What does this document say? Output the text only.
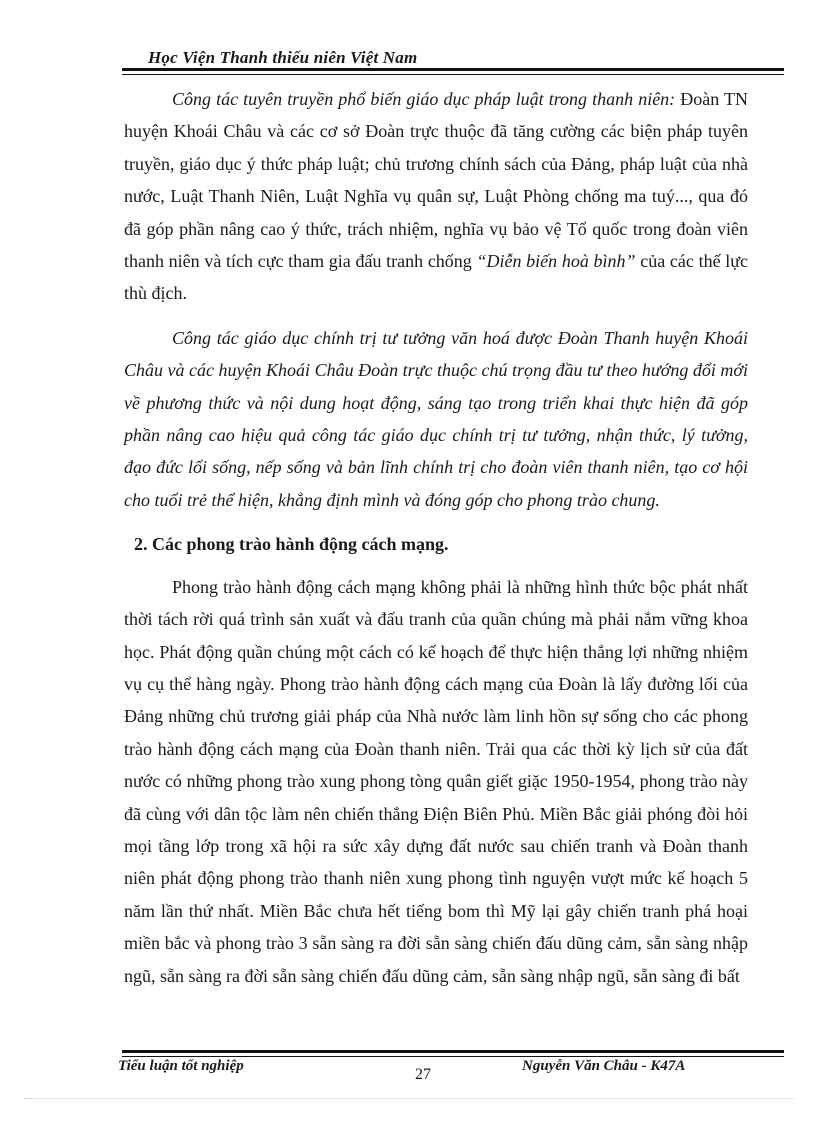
Học Viện Thanh thiếu niên Việt Nam

Công tác tuyên truyền phổ biến giáo dục pháp luật trong thanh niên: Đoàn TN huyện Khoái Châu và các cơ sở Đoàn trực thuộc đã tăng cường các biện pháp tuyên truyền, giáo dục ý thức pháp luật; chủ trương chính sách của Đảng, pháp luật của nhà nước, Luật Thanh Niên, Luật Nghĩa vụ quân sự, Luật Phòng chống ma tuý..., qua đó đã góp phần nâng cao ý thức, trách nhiệm, nghĩa vụ bảo vệ Tổ quốc trong đoàn viên thanh niên và tích cực tham gia đấu tranh chống “Diễn biến hoà bình” của các thế lực thù địch.

Công tác giáo dục chính trị tư tưởng văn hoá được Đoàn Thanh huyện Khoái Châu và các huyện Khoái Châu Đoàn trực thuộc chú trọng đầu tư theo hướng đổi mới về phương thức và nội dung hoạt động, sáng tạo trong triển khai thực hiện đã góp phần nâng cao hiệu quả công tác giáo dục chính trị tư tưởng, nhận thức, lý tưởng, đạo đức lối sống, nếp sống và bản lĩnh chính trị cho đoàn viên thanh niên, tạo cơ hội cho tuổi trẻ thể hiện, khẳng định mình và đóng góp cho phong trào chung.

2. Các phong trào hành động cách mạng.

Phong trào hành động cách mạng không phải là những hình thức bộc phát nhất thời tách rời quá trình sản xuất và đấu tranh của quần chúng mà phải nắm vững khoa học. Phát động quần chúng một cách có kế hoạch để thực hiện thắng lợi những nhiệm vụ cụ thể hàng ngày. Phong trào hành động cách mạng của Đoàn là lấy đường lối của Đảng những chủ trương giải pháp của Nhà nước làm linh hồn sự sống cho các phong trào hành động cách mạng của Đoàn thanh niên. Trải qua các thời kỳ lịch sử của đất nước có những phong trào xung phong tòng quân giết giặc 1950-1954, phong trào này đã cùng với dân tộc làm nên chiến thắng Điện Biên Phủ. Miền Bắc giải phóng đòi hỏi mọi tầng lớp trong xã hội ra sức xây dựng đất nước sau chiến tranh và Đoàn thanh niên phát động phong trào thanh niên xung phong tình nguyện vượt mức kế hoạch 5 năm lần thứ nhất. Miền Bắc chưa hết tiếng bom thì Mỹ lại gây chiến tranh phá hoại miền bắc và phong trào 3 sẵn sàng ra đời sẵn sàng chiến đấu dũng cảm, sẵn sàng nhập ngũ, sẵn sàng ra đời sẵn sàng chiến đấu dũng cảm, sẵn sàng nhập ngũ, sẵn sàng đi bất

Tiểu luận tốt nghiệp	27	Nguyễn Văn Châu - K47A
